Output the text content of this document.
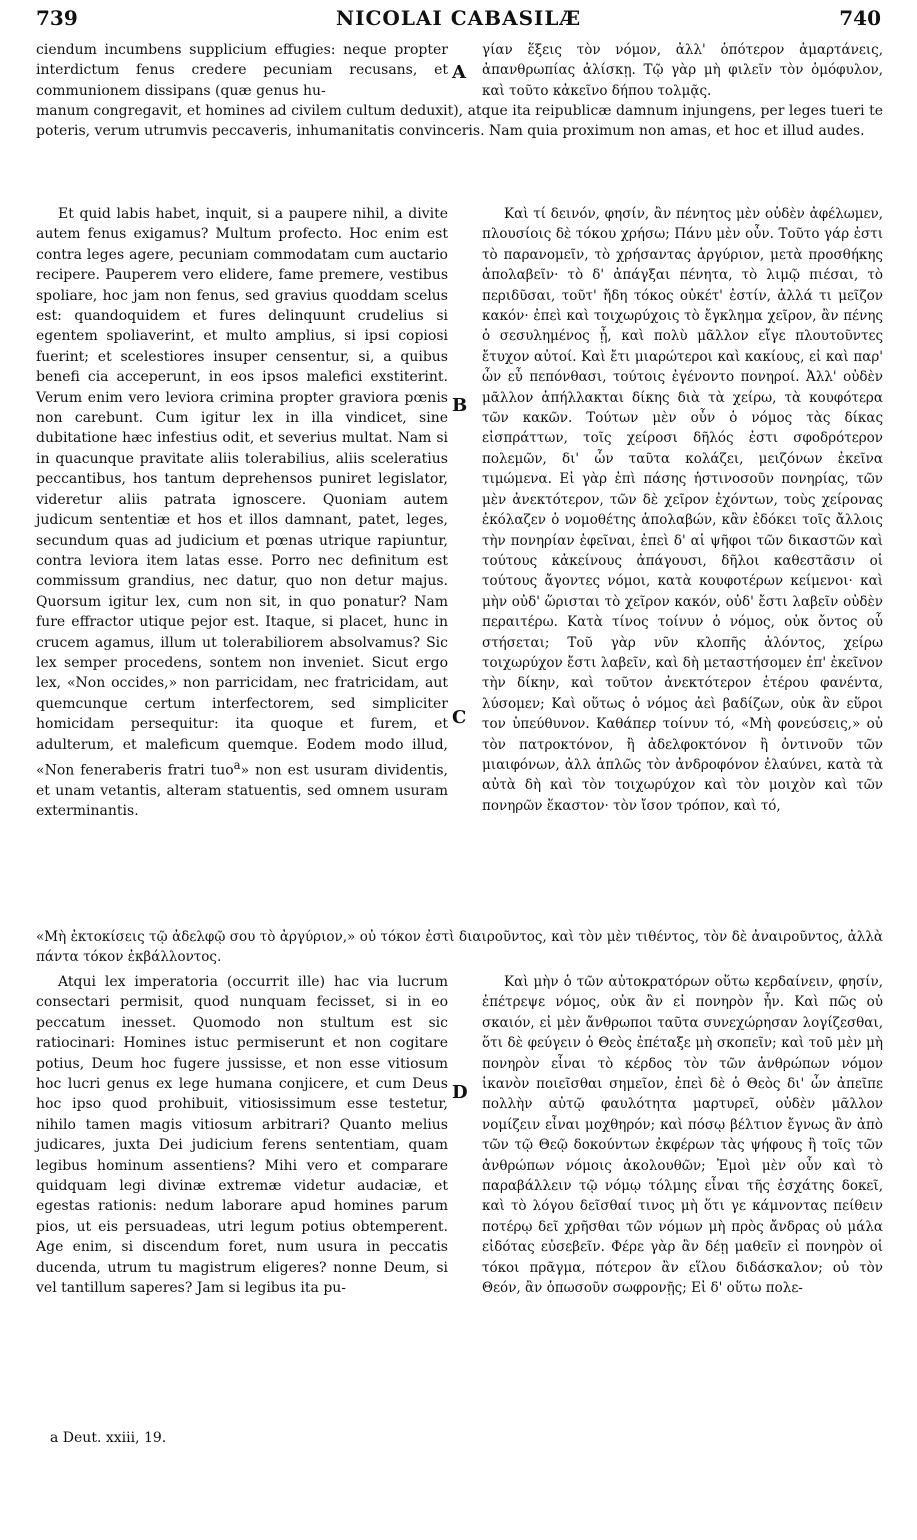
739	NICOLAI CABASILÆ	740

ciendum incumbens supplicium effugies: neque propter interdictum fenus credere pecuniam recusans, et communionem dissipans (quæ genus hu-

A

γίαν ἕξεις τὸν νόμον, ἀλλ' ὁπότερον ἁμαρτάνεις, ἀπανθρωπίας ἁλίσκῃ. Τῷ γὰρ μὴ φιλεῖν τὸν ὁμόφυλον, καὶ τοῦτο κἀκεῖνο δήπου τολμᾷς.

manum congregavit, et homines ad civilem cultum deduxit), atque ita reipublicæ damnum injungens, per leges tueri te poteris, verum utrumvis peccaveris, inhumanitatis convinceris. Nam quia proximum non amas, et hoc et illud audes.

Et quid labis habet, inquit, si a paupere nihil, a divite autem fenus exigamus? Multum profecto. Hoc enim est contra leges agere, pecuniam commodatam cum auctario recipere. Pauperem vero elidere, fame premere, vestibus spoliare, hoc jam non fenus, sed gravius quoddam scelus est: quandoquidem et fures delinquunt crudelius si egentem spoliaverint, et multo amplius, si ipsi copiosi fuerint; et scelestiores insuper censentur, si, a quibus benefi cia acceperunt, in eos ipsos malefici exstiterint. Verum enim vero leviora crimina propter graviora pœnis non carebunt. Cum igitur lex in illa vindicet, sine dubitatione hæc infestius odit, et severius multat. Nam si in quacunque pravitate aliis tolerabilius, aliis sceleratius peccantibus, hos tantum deprehensos puniret legislator, videretur aliis patrata ignoscere. Quoniam autem judicum sententiæ et hos et illos damnant, patet, leges, secundum quas ad judicium et pœnas utrique rapiuntur, contra leviora item latas esse. Porro nec definitum est commissum grandius, nec datur, quo non detur majus. Quorsum igitur lex, cum non sit, in quo ponatur? Nam fure effractor utique pejor est. Itaque, si placet, hunc in crucem agamus, illum ut tolerabiliorem absolvamus? Sic lex semper procedens, sontem non inveniet. Sicut ergo lex, «Non occides,» non parricidam, nec fratricidam, aut quemcunque certum interfectorem, sed simpliciter homicidam persequitur: ita quoque et furem, et adulterum, et maleficum quemque. Eodem modo illud, «Non feneraberis fratri tuo$^a$» non est usuram dividentis, et unam vetantis, alteram statuentis, sed omnem usuram exterminantis.

B
C

Καὶ τί δεινόν, φησίν, ἂν πένητος μὲν οὐδὲν ἀφέλωμεν, πλουσίοις δὲ τόκου χρήσω; Πάνυ μὲν οὖν. Τοῦτο γάρ ἐστι τὸ παρανομεῖν, τὸ χρήσαντας ἀργύριον, μετὰ προσθήκης ἀπολαβεῖν· τὸ δ' ἀπάγξαι πένητα, τὸ λιμῷ πιέσαι, τὸ περιδῦσαι, τοῦτ' ἤδη τόκος οὐκέτ' ἐστίν, ἀλλά τι μεῖζον κακόν· ἐπεὶ καὶ τοιχωρύχοις τὸ ἔγκλημα χεῖρον, ἂν πένης ὁ σεσυλημένος ᾖ, καὶ πολὺ μᾶλλον εἴγε πλουτοῦντες ἔτυχον αὐτοί. Καὶ ἔτι μιαρώτεροι καὶ κακίους, εἰ καὶ παρ' ὧν εὖ πεπόνθασι, τούτοις ἐγένοντο πονηροί. Ἀλλ' οὐδὲν μᾶλλον ἀπήλλακται δίκης διὰ τὰ χείρω, τὰ κουφότερα τῶν κακῶν. Τούτων μὲν οὖν ὁ νόμος τὰς δίκας εἰσπράττων, τοῖς χείροσι δῆλός ἐστι σφοδρότερον πολεμῶν, δι' ὧν ταῦτα κολάζει, μειζόνων ἐκεῖνα τιμώμενα. Εἰ γὰρ ἐπὶ πάσης ἡστινοσοῦν πονηρίας, τῶν μὲν ἀνεκτότερον, τῶν δὲ χεῖρον ἐχόντων, τοὺς χείρονας ἐκόλαζεν ὁ νομοθέτης ἁπολαβών, κἂν ἐδόκει τοῖς ἄλλοις τὴν πονηρίαν ἐφεῖναι, ἐπεὶ δ' αἱ ψῆφοι τῶν δικαστῶν καὶ τούτους κἀκείνους ἀπάγουσι, δῆλοι καθεστᾶσιν οἱ τούτους ἄγοντες νόμοι, κατὰ κουφοτέρων κείμενοι· καὶ μὴν οὐδ' ὥρισται τὸ χεῖρον κακόν, οὐδ' ἔστι λαβεῖν οὐδὲν περαιτέρω. Κατὰ τίνος τοίνυν ὁ νόμος, οὐκ ὄντος οὗ στήσεται; Τοῦ γὰρ νῦν κλοπῆς ἁλόντος, χείρω τοιχωρύχον ἔστι λαβεῖν, καὶ δὴ μεταστήσομεν ἐπ' ἐκεῖνον τὴν δίκην, καὶ τοῦτον ἀνεκτότερον ἑτέρου φανέντα, λύσομεν; Καὶ οὕτως ὁ νόμος ἀεὶ βαδίζων, οὐκ ἂν εὕροι τον ὑπεύθυνον. Καθάπερ τοίνυν τό, «Μὴ φονεύσεις,» οὐ τὸν πατροκτόνον, ἢ ἀδελφοκτόνον ἢ ὁντινοῦν τῶν μιαιφόνων, ἀλλ ἁπλῶς τὸν ἀνδροφόνον ἐλαύνει, κατὰ τὰ αὐτὰ δὴ καὶ τὸν τοιχωρύχον καὶ τὸν μοιχὸν καὶ τῶν πονηρῶν ἕκαστον· τὸν ἴσον τρόπον, καὶ τό,

«Μὴ ἐκτοκίσεις τῷ ἀδελφῷ σου τὸ ἀργύριον,» οὐ τόκον ἐστὶ διαιροῦντος, καὶ τὸν μὲν τιθέντος, τὸν δὲ ἀναιροῦντος, ἀλλὰ πάντα τόκον ἐκβάλλοντος.

Atqui lex imperatoria (occurrit ille) hac via lucrum consectari permisit, quod nunquam fecisset, si in eo peccatum inesset. Quomodo non stultum est sic ratiocinari: Homines istuc permiserunt et non cogitare potius, Deum hoc fugere jussisse, et non esse vitiosum hoc lucri genus ex lege humana conjicere, et cum Deus hoc ipso quod prohibuit, vitiosissimum esse testetur, nihilo tamen magis vitiosum arbitrari? Quanto melius judicares, juxta Dei judicium ferens sententiam, quam legibus hominum assentiens? Mihi vero et comparare quidquam legi divinæ extremæ videtur audaciæ, et egestas rationis: nedum laborare apud homines parum pios, ut eis persuadeas, utri legum potius obtemperent. Age enim, si discendum foret, num usura in peccatis ducenda, utrum tu magistrum eligeres? nonne Deum, si vel tantillum saperes? Jam si legibus ita pu-

D

Καὶ μὴν ὁ τῶν αὐτοκρατόρων οὕτω κερδαίνειν, φησίν, ἐπέτρεψε νόμος, οὐκ ἂν εἰ πονηρὸν ἦν. Καὶ πῶς οὐ σκαιόν, εἰ μὲν ἄνθρωποι ταῦτα συνεχώρησαν λογίζεσθαι, ὅτι δὲ φεύγειν ὁ Θεὸς ἐπέταξε μὴ σκοπεῖν; καὶ τοῦ μὲν μὴ πονηρὸν εἶναι τὸ κέρδος τὸν τῶν ἀνθρώπων νόμον ἱκανὸν ποιεῖσθαι σημεῖον, ἐπεὶ δὲ ὁ Θεὸς δι' ὧν ἀπεῖπε πολλὴν αὐτῷ φαυλότητα μαρτυρεῖ, οὐδὲν μᾶλλον νομίζειν εἶναι μοχθηρόν; καὶ πόσῳ βέλτιον ἔγνως ἂν ἀπὸ τῶν τῷ Θεῷ δοκούντων ἐκφέρων τὰς ψήφους ἢ τοῖς τῶν ἀνθρώπων νόμοις ἀκολουθῶν; Ἐμοὶ μὲν οὖν καὶ τὸ παραβάλλειν τῷ νόμῳ τόλμης εἶναι τῆς ἐσχάτης δοκεῖ, καὶ τὸ λόγου δεῖσθαί τινος μὴ ὅτι γε κάμνοντας πείθειν ποτέρῳ δεῖ χρῆσθαι τῶν νόμων μὴ πρὸς ἄνδρας οὐ μάλα εἰδότας εὐσεβεῖν. Φέρε γὰρ ἂν δέῃ μαθεῖν εἰ πονηρὸν οἱ τόκοι πρᾶγμα, πότερον ἂν εἵλου διδάσκαλον; οὐ τὸν Θεόν, ἂν ὁπωσοῦν σωφρονῇς; Εἰ δ' οὕτω πολε-

a Deut. xxiii, 19.
